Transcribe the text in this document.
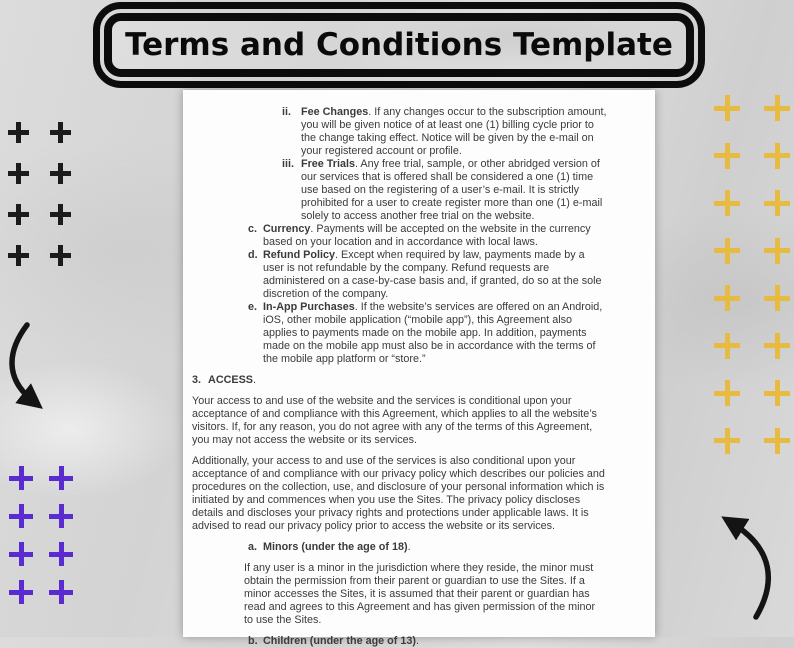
Terms and Conditions Template
ii. Fee Changes. If any changes occur to the subscription amount, you will be given notice of at least one (1) billing cycle prior to the change taking effect. Notice will be given by the e-mail on your registered account or profile.
iii. Free Trials. Any free trial, sample, or other abridged version of our services that is offered shall be considered a one (1) time use based on the registering of a user’s e-mail. It is strictly prohibited for a user to create register more than one (1) e-mail solely to access another free trial on the website.
c. Currency. Payments will be accepted on the website in the currency based on your location and in accordance with local laws.
d. Refund Policy. Except when required by law, payments made by a user is not refundable by the company. Refund requests are administered on a case-by-case basis and, if granted, do so at the sole discretion of the company.
e. In-App Purchases. If the website’s services are offered on an Android, iOS, other mobile application (“mobile app”), this Agreement also applies to payments made on the mobile app. In addition, payments made on the mobile app must also be in accordance with the terms of the mobile app platform or “store.”
3. ACCESS.
Your access to and use of the website and the services is conditional upon your acceptance of and compliance with this Agreement, which applies to all the website’s visitors. If, for any reason, you do not agree with any of the terms of this Agreement, you may not access the website or its services.
Additionally, your access to and use of the services is also conditional upon your acceptance of and compliance with our privacy policy which describes our policies and procedures on the collection, use, and disclosure of your personal information which is initiated by and commences when you use the Sites. The privacy policy discloses details and discloses your privacy rights and protections under applicable laws. It is advised to read our privacy policy prior to access the website or its services.
a. Minors (under the age of 18).
If any user is a minor in the jurisdiction where they reside, the minor must obtain the permission from their parent or guardian to use the Sites. If a minor accesses the Sites, it is assumed that their parent or guardian has read and agrees to this Agreement and has given permission of the minor to use the Sites.
b. Children (under the age of 13).
